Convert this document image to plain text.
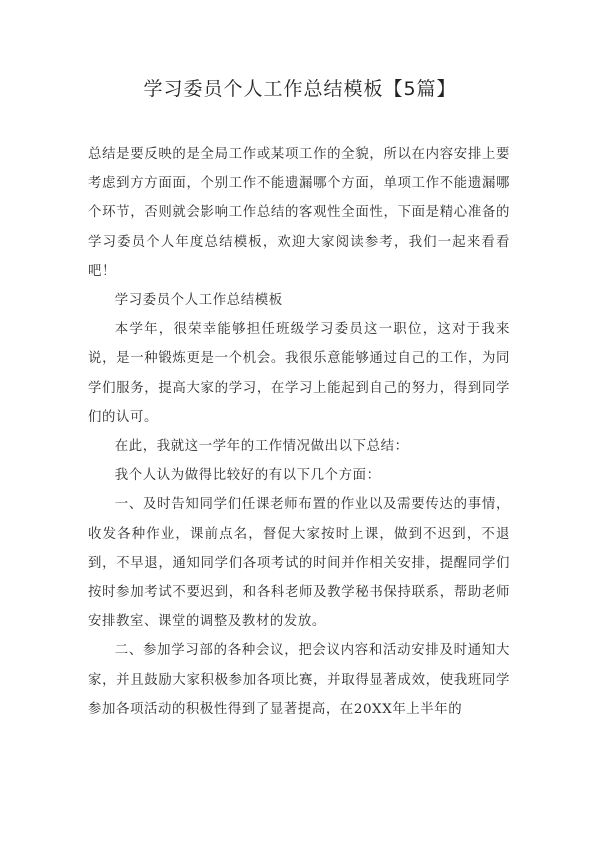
学习委员个人工作总结模板【5篇】

总结是要反映的是全局工作或某项工作的全貌，所以在内容安排上要考虑到方方面面，个别工作不能遗漏哪个方面，单项工作不能遗漏哪个环节，否则就会影响工作总结的客观性全面性，下面是精心准备的学习委员个人年度总结模板，欢迎大家阅读参考，我们一起来看看吧！

学习委员个人工作总结模板

本学年，很荣幸能够担任班级学习委员这一职位，这对于我来说，是一种锻炼更是一个机会。我很乐意能够通过自己的工作，为同学们服务，提高大家的学习，在学习上能起到自己的努力，得到同学们的认可。

在此，我就这一学年的工作情况做出以下总结：

我个人认为做得比较好的有以下几个方面：

一、及时告知同学们任课老师布置的作业以及需要传达的事情，收发各种作业，课前点名，督促大家按时上课，做到不迟到，不退到，不早退，通知同学们各项考试的时间并作相关安排，提醒同学们按时参加考试不要迟到，和各科老师及教学秘书保持联系，帮助老师安排教室、课堂的调整及教材的发放。

二、参加学习部的各种会议，把会议内容和活动安排及时通知大家，并且鼓励大家积极参加各项比赛，并取得显著成效，使我班同学参加各项活动的积极性得到了显著提高，在20XX年上半年的
